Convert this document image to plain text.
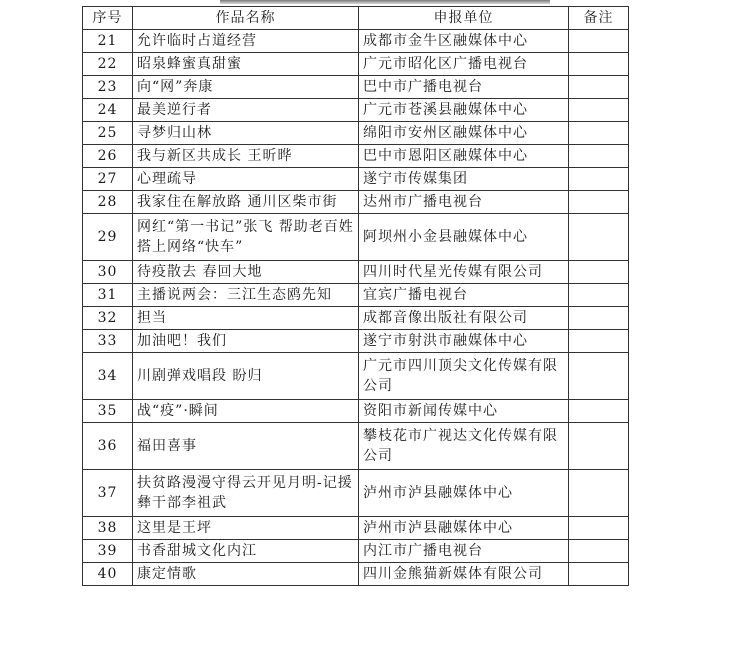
序号	作品名称	申报单位	备注
21	允许临时占道经营	成都市金牛区融媒体中心	
22	昭泉蜂蜜真甜蜜	广元市昭化区广播电视台	
23	向“网”奔康	巴中市广播电视台	
24	最美逆行者	广元市苍溪县融媒体中心	
25	寻梦归山林	绵阳市安州区融媒体中心	
26	我与新区共成长 王昕晔	巴中市恩阳区融媒体中心	
27	心理疏导	遂宁市传媒集团	
28	我家住在解放路 通川区柴市街	达州市广播电视台	
29	网红“第一书记”张飞 帮助老百姓搭上网络“快车”	阿坝州小金县融媒体中心	
30	待疫散去 春回大地	四川时代星光传媒有限公司	
31	主播说两会：三江生态鸥先知	宜宾广播电视台	
32	担当	成都音像出版社有限公司	
33	加油吧！我们	遂宁市射洪市融媒体中心	
34	川剧弹戏唱段 盼归	广元市四川顶尖文化传媒有限公司	
35	战“疫”·瞬间	资阳市新闻传媒中心	
36	福田喜事	攀枝花市广视达文化传媒有限公司	
37	扶贫路漫漫守得云开见月明-记援彝干部李祖武	泸州市泸县融媒体中心	
38	这里是王坪	泸州市泸县融媒体中心	
39	书香甜城文化内江	内江市广播电视台	
40	康定情歌	四川金熊猫新媒体有限公司	
